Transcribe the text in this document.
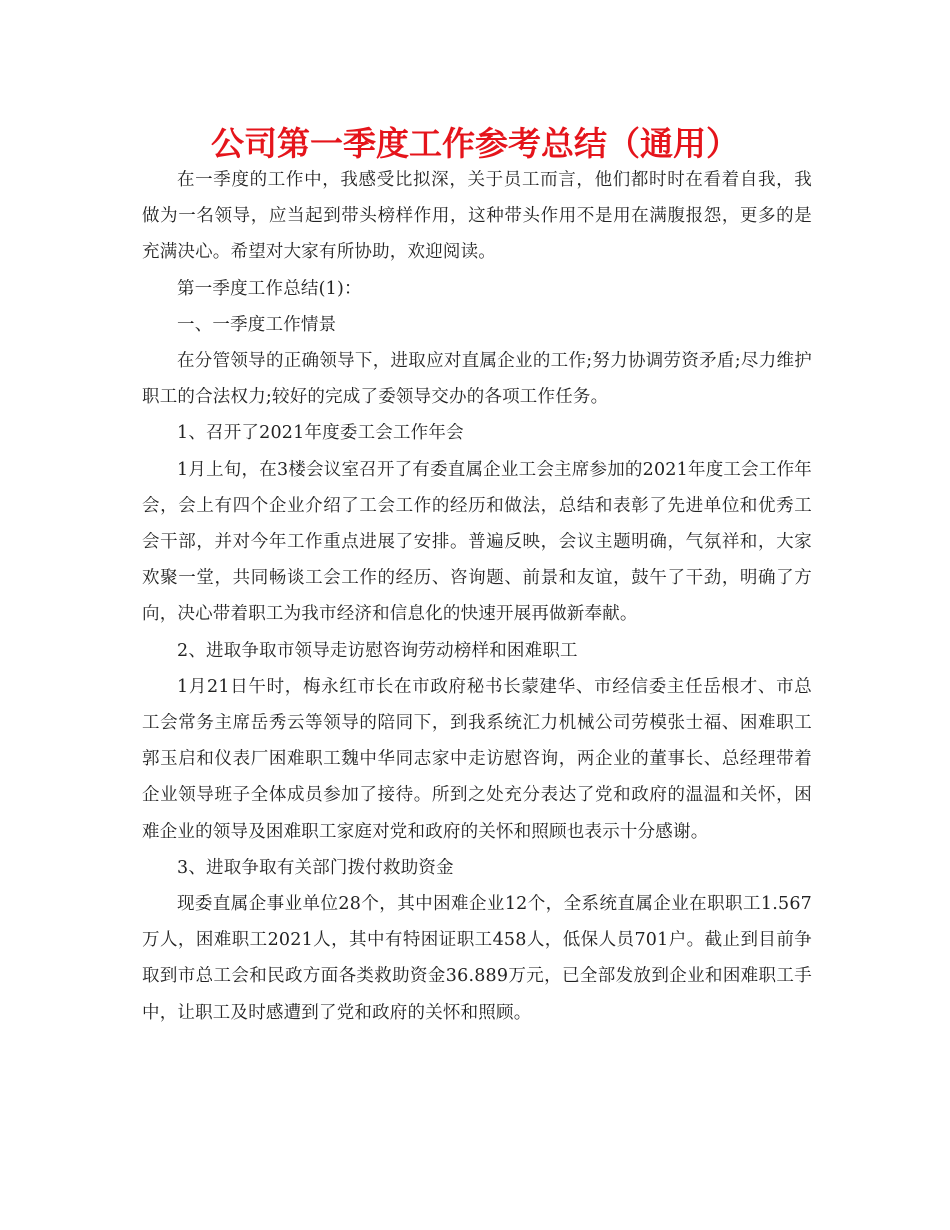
公司第一季度工作参考总结（通用）

在一季度的工作中，我感受比拟深，关于员工而言，他们都时时在看着自我，我做为一名领导，应当起到带头榜样作用，这种带头作用不是用在满腹报怨，更多的是充满决心。希望对大家有所协助，欢迎阅读。

第一季度工作总结(1)：

一、一季度工作情景

在分管领导的正确领导下，进取应对直属企业的工作;努力协调劳资矛盾;尽力维护职工的合法权力;较好的完成了委领导交办的各项工作任务。

1、召开了2021年度委工会工作年会

1月上旬，在3楼会议室召开了有委直属企业工会主席参加的2021年度工会工作年会，会上有四个企业介绍了工会工作的经历和做法，总结和表彰了先进单位和优秀工会干部，并对今年工作重点进展了安排。普遍反映，会议主题明确，气氛祥和，大家欢聚一堂，共同畅谈工会工作的经历、咨询题、前景和友谊，鼓午了干劲，明确了方向，决心带着职工为我市经济和信息化的快速开展再做新奉献。

2、进取争取市领导走访慰咨询劳动榜样和困难职工

1月21日午时，梅永红市长在市政府秘书长蒙建华、市经信委主任岳根才、市总工会常务主席岳秀云等领导的陪同下，到我系统汇力机械公司劳模张士福、困难职工郭玉启和仪表厂困难职工魏中华同志家中走访慰咨询，两企业的董事长、总经理带着企业领导班子全体成员参加了接待。所到之处充分表达了党和政府的温温和关怀，困难企业的领导及困难职工家庭对党和政府的关怀和照顾也表示十分感谢。

3、进取争取有关部门拨付救助资金

现委直属企事业单位28个，其中困难企业12个，全系统直属企业在职职工1.567万人，困难职工2021人，其中有特困证职工458人，低保人员701户。截止到目前争取到市总工会和民政方面各类救助资金36.889万元，已全部发放到企业和困难职工手中，让职工及时感遭到了党和政府的关怀和照顾。
